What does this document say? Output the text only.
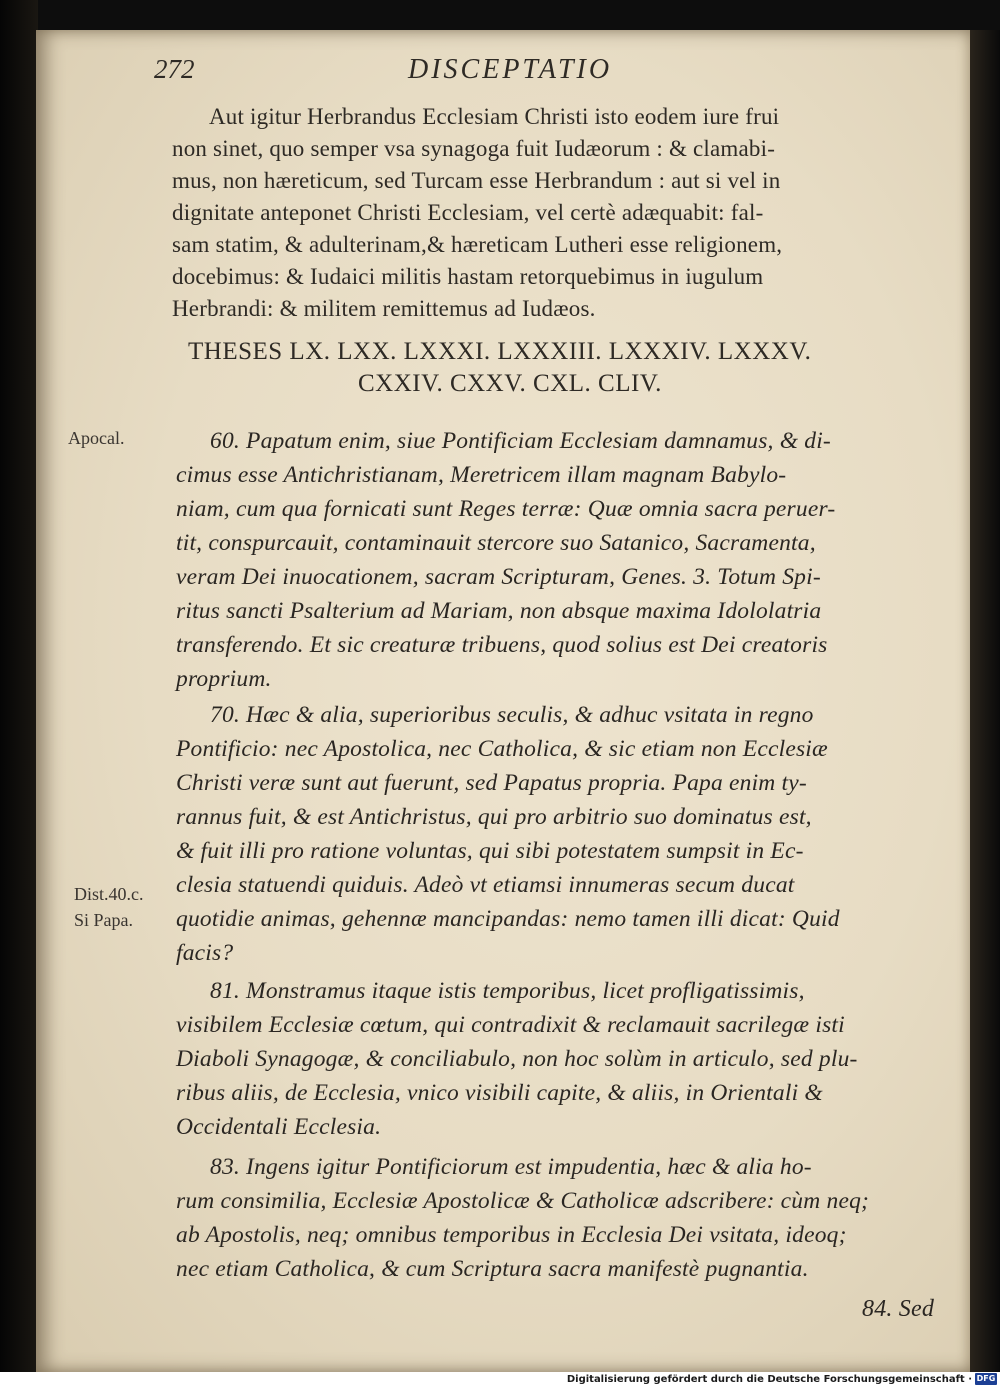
272	DISCEPTATIO
Aut igitur Herbrandus Ecclesiam Christi isto eodem iure frui
non sinet, quo semper vsa synagoga fuit Iudæorum : & clamabi-
mus, non hæreticum, sed Turcam esse Herbrandum : aut si vel in
dignitate anteponet Christi Ecclesiam, vel certè adæquabit: fal-
sam statim, & adulterinam,& hæreticam Lutheri esse religionem,
docebimus: & Iudaici militis hastam retorquebimus in iugulum
Herbrandi: & militem remittemus ad Iudæos.
THESES LX. LXX. LXXXI. LXXXIII. LXXXIV. LXXXV.
CXXIV. CXXV. CXL. CLIV.
Apocal.
Dist.40.c.
Si Papa.
60. Papatum enim, siue Pontificiam Ecclesiam damnamus, & di-
cimus esse Antichristianam, Meretricem illam magnam Babylo-
niam, cum qua fornicati sunt Reges terræ: Quæ omnia sacra peruer-
tit, conspurcauit, contaminauit stercore suo Satanico, Sacramenta,
veram Dei inuocationem, sacram Scripturam, Genes. 3. Totum Spi-
ritus sancti Psalterium ad Mariam, non absque maxima Idololatria
transferendo. Et sic creaturæ tribuens, quod solius est Dei creatoris
proprium.
70. Hæc & alia, superioribus seculis, & adhuc vsitata in regno
Pontificio: nec Apostolica, nec Catholica, & sic etiam non Ecclesiæ
Christi veræ sunt aut fuerunt, sed Papatus propria. Papa enim ty-
rannus fuit, & est Antichristus, qui pro arbitrio suo dominatus est,
& fuit illi pro ratione voluntas, qui sibi potestatem sumpsit in Ec-
clesia statuendi quiduis. Adeò vt etiamsi innumeras secum ducat
quotidie animas, gehennæ mancipandas: nemo tamen illi dicat: Quid
facis?
81. Monstramus itaque istis temporibus, licet profligatissimis,
visibilem Ecclesiæ cœtum, qui contradixit & reclamauit sacrilegæ isti
Diaboli Synagogæ, & conciliabulo, non hoc solùm in articulo, sed plu-
ribus aliis, de Ecclesia, vnico visibili capite, & aliis, in Orientali &
Occidentali Ecclesia.
83. Ingens igitur Pontificiorum est impudentia, hæc & alia ho-
rum consimilia, Ecclesiæ Apostolicæ & Catholicæ adscribere: cùm neq;
ab Apostolis, neq; omnibus temporibus in Ecclesia Dei vsitata, ideoq;
nec etiam Catholica, & cum Scriptura sacra manifestè pugnantia.
84. Sed
Digitalisierung gefördert durch die Deutsche Forschungsgemeinschaft · DFG
